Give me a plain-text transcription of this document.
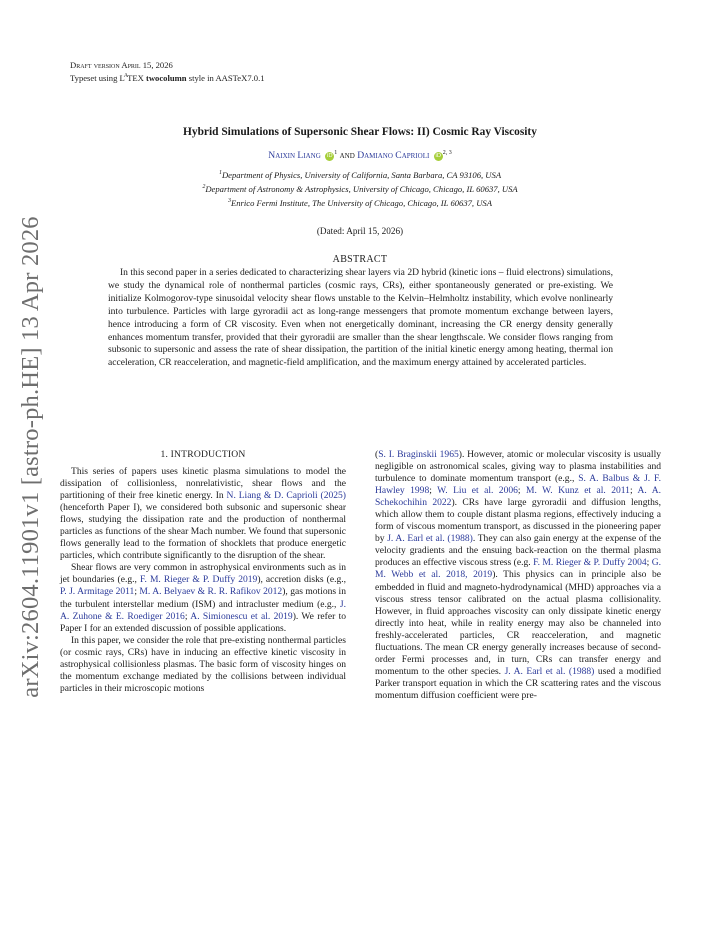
arXiv:2604.11901v1 [astro-ph.HE] 13 Apr 2026
Draft version April 15, 2026
Typeset using $L^ATEX$ twocolumn style in AASTeX7.0.1
Hybrid Simulations of Supersonic Shear Flows: II) Cosmic Ray Viscosity
Naixin Liang $iD^1$ and Damiano Caprioli iD$^{2, 3}$
$^1$Department of Physics, University of California, Santa Barbara, CA 93106, USA
$^2$Department of Astronomy & Astrophysics, University of Chicago, Chicago, IL 60637, USA
$^3$Enrico Fermi Institute, The University of Chicago, Chicago, IL 60637, USA
(Dated: April 15, 2026)
ABSTRACT

In this second paper in a series dedicated to characterizing shear layers via 2D hybrid (kinetic ions – fluid electrons) simulations, we study the dynamical role of nonthermal particles (cosmic rays, CRs), either spontaneously generated or pre-existing. We initialize Kolmogorov-type sinusoidal velocity shear flows unstable to the Kelvin–Helmholtz instability, which evolve nonlinearly into turbulence. Particles with large gyroradii act as long-range messengers that promote momentum exchange between layers, hence introducing a form of CR viscosity. Even when not energetically dominant, increasing the CR energy density generally enhances momentum transfer, provided that their gyroradii are smaller than the shear lengthscale. We consider flows ranging from subsonic to supersonic and assess the rate of shear dissipation, the partition of the initial kinetic energy among heating, thermal ion acceleration, CR reacceleration, and magnetic-field amplification, and the maximum energy attained by accelerated particles.

1. INTRODUCTION

This series of papers uses kinetic plasma simulations to model the dissipation of collisionless, nonrelativistic, shear flows and the partitioning of their free kinetic energy. In N. Liang & D. Caprioli (2025) (henceforth Paper I), we considered both subsonic and supersonic shear flows, studying the dissipation rate and the production of nonthermal particles as functions of the shear Mach number. We found that supersonic flows generally lead to the formation of shocklets that produce energetic particles, which contribute significantly to the disruption of the shear.

Shear flows are very common in astrophysical environments such as in jet boundaries (e.g., F. M. Rieger & P. Duffy 2019), accretion disks (e.g., P. J. Armitage 2011; M. A. Belyaev & R. R. Rafikov 2012), gas motions in the turbulent interstellar medium (ISM) and intracluster medium (e.g., J. A. Zuhone & E. Roediger 2016; A. Simionescu et al. 2019). We refer to Paper I for an extended discussion of possible applications.

In this paper, we consider the role that pre-existing nonthermal particles (or cosmic rays, CRs) have in inducing an effective kinetic viscosity in astrophysical collisionless plasmas. The basic form of viscosity hinges on the momentum exchange mediated by the collisions between individual particles in their microscopic motions

(S. I. Braginskii 1965). However, atomic or molecular viscosity is usually negligible on astronomical scales, giving way to plasma instabilities and turbulence to dominate momentum transport (e.g., S. A. Balbus & J. F. Hawley 1998; W. Liu et al. 2006; M. W. Kunz et al. 2011; A. A. Schekochihin 2022). CRs have large gyroradii and diffusion lengths, which allow them to couple distant plasma regions, effectively inducing a form of viscous momentum transport, as discussed in the pioneering paper by J. A. Earl et al. (1988). They can also gain energy at the expense of the velocity gradients and the ensuing back-reaction on the thermal plasma produces an effective viscous stress (e.g. F. M. Rieger & P. Duffy 2004; G. M. Webb et al. 2018, 2019). This physics can in principle also be embedded in fluid and magneto-hydrodynamical (MHD) approaches via a viscous stress tensor calibrated on the actual plasma collisionality. However, in fluid approaches viscosity can only dissipate kinetic energy directly into heat, while in reality energy may also be channeled into freshly-accelerated particles, CR reacceleration, and magnetic fluctuations. The mean CR energy generally increases because of second-order Fermi processes and, in turn, CRs can transfer energy and momentum to the other species. J. A. Earl et al. (1988) used a modified Parker transport equation in which the CR scattering rates and the viscous momentum diffusion coefficient were pre-
